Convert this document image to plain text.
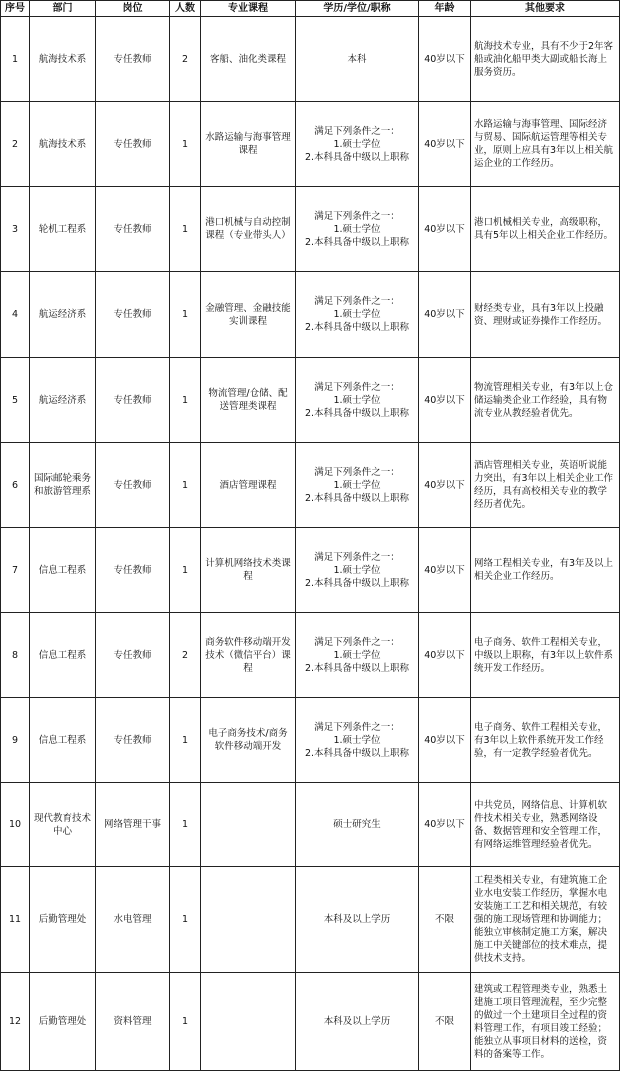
序号	部门	岗位	人数	专业课程	学历/学位/职称	年龄	其他要求
1	航海技术系	专任教师	2	客船、油化类课程	本科	40岁以下	航海技术专业，具有不少于2年客船或油化船甲类大副或船长海上服务资历。
2	航海技术系	专任教师	1	水路运输与海事管理课程	满足下列条件之一：
1.硕士学位
2.本科具备中级以上职称	40岁以下	水路运输与海事管理、国际经济与贸易、国际航运管理等相关专业，原则上应具有3年以上相关航运企业的工作经历。
3	轮机工程系	专任教师	1	港口机械与自动控制课程（专业带头人）	满足下列条件之一：
1.硕士学位
2.本科具备中级以上职称	40岁以下	港口机械相关专业，高级职称，具有5年以上相关企业工作经历。
4	航运经济系	专任教师	1	金融管理、金融技能实训课程	满足下列条件之一：
1.硕士学位
2.本科具备中级以上职称	40岁以下	财经类专业，具有3年以上投融资、理财或证券操作工作经历。
5	航运经济系	专任教师	1	物流管理/仓储、配送管理类课程	满足下列条件之一：
1.硕士学位
2.本科具备中级以上职称	40岁以下	物流管理相关专业，有3年以上仓储运输类企业工作经验，具有物流专业从教经验者优先。
6	国际邮轮乘务和旅游管理系	专任教师	1	酒店管理课程	满足下列条件之一：
1.硕士学位
2.本科具备中级以上职称	40岁以下	酒店管理相关专业，英语听说能力突出，有3年以上相关企业工作经历，具有高校相关专业的教学经历者优先。
7	信息工程系	专任教师	1	计算机网络技术类课程	满足下列条件之一：
1.硕士学位
2.本科具备中级以上职称	40岁以下	网络工程相关专业，有3年及以上相关企业工作经历。
8	信息工程系	专任教师	2	商务软件移动端开发技术（微信平台）课程	满足下列条件之一：
1.硕士学位
2.本科具备中级以上职称	40岁以下	电子商务、软件工程相关专业，中级以上职称，有3年以上软件系统开发工作经历。
9	信息工程系	专任教师	1	电子商务技术/商务软件移动端开发	满足下列条件之一：
1.硕士学位
2.本科具备中级以上职称	40岁以下	电子商务、软件工程相关专业，有3年以上软件系统开发工作经验，有一定教学经验者优先。
10	现代教育技术中心	网络管理干事	1		硕士研究生	40岁以下	中共党员，网络信息、计算机软件技术相关专业，熟悉网络设备、数据管理和安全管理工作，有网络运维管理经验者优先。
11	后勤管理处	水电管理	1		本科及以上学历	不限	工程类相关专业，有建筑施工企业水电安装工作经历，掌握水电安装施工工艺和相关规范，有较强的施工现场管理和协调能力；能独立审核制定施工方案，解决施工中关键部位的技术难点，提供技术支持。
12	后勤管理处	资料管理	1		本科及以上学历	不限	建筑或工程管理类专业，熟悉土建施工项目管理流程，至少完整的做过一个土建项目全过程的资料管理工作，有项目竣工经验；能独立从事项目材料的送检，资料的备案等工作。
